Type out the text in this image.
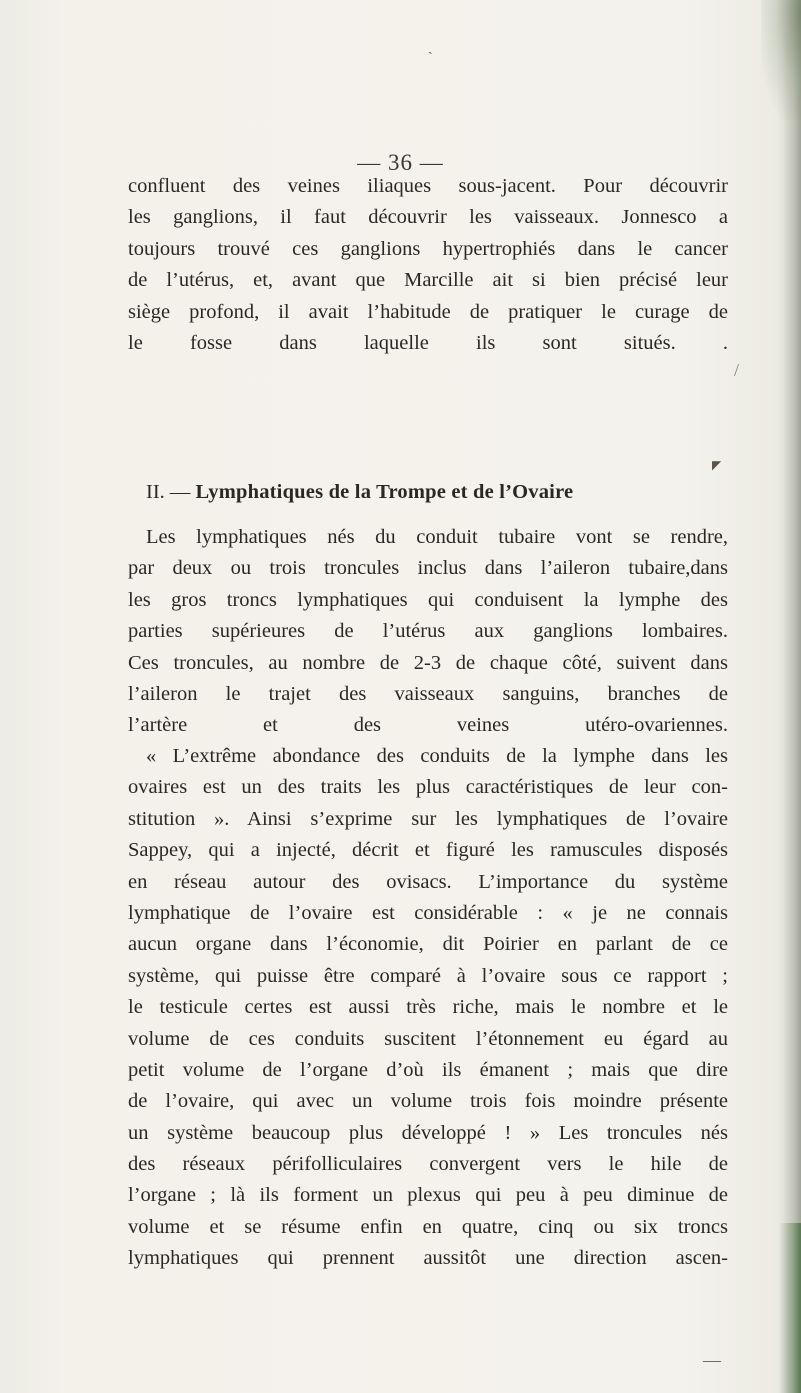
ˎ
— 36 —
confluent des veines iliaques sous-jacent. Pour découvrir
les ganglions, il faut découvrir les vaisseaux. Jonnesco a
toujours trouvé ces ganglions hypertrophiés dans le cancer
de l’utérus, et, avant que Marcille ait si bien précisé leur
siège profond, il avait l’habitude de pratiquer le curage de
le fosse dans laquelle ils sont situés. .
◤
/
II. — Lymphatiques de la Trompe et de l’Ovaire
Les lymphatiques nés du conduit tubaire vont se rendre,
par deux ou trois troncules inclus dans l’aileron tubaire,dans
les gros troncs lymphatiques qui conduisent la lymphe des
parties supérieures de l’utérus aux ganglions lombaires.
Ces troncules, au nombre de 2-3 de chaque côté, suivent dans
l’aileron le trajet des vaisseaux sanguins, branches de
l’artère et des veines utéro-ovariennes.
« L’extrême abondance des conduits de la lymphe dans les
ovaires est un des traits les plus caractéristiques de leur con-
stitution ». Ainsi s’exprime sur les lymphatiques de l’ovaire
Sappey, qui a injecté, décrit et figuré les ramuscules disposés
en réseau autour des ovisacs. L’importance du système
lymphatique de l’ovaire est considérable : « je ne connais
aucun organe dans l’économie, dit Poirier en parlant de ce
système, qui puisse être comparé à l’ovaire sous ce rapport ;
le testicule certes est aussi très riche, mais le nombre et le
volume de ces conduits suscitent l’étonnement eu égard au
petit volume de l’organe d’où ils émanent ; mais que dire
de l’ovaire, qui avec un volume trois fois moindre présente
un système beaucoup plus développé ! » Les troncules nés
des réseaux périfolliculaires convergent vers le hile de
l’organe ; là ils forment un plexus qui peu à peu diminue de
volume et se résume enfin en quatre, cinq ou six troncs
lymphatiques qui prennent aussitôt une direction ascen-
—
